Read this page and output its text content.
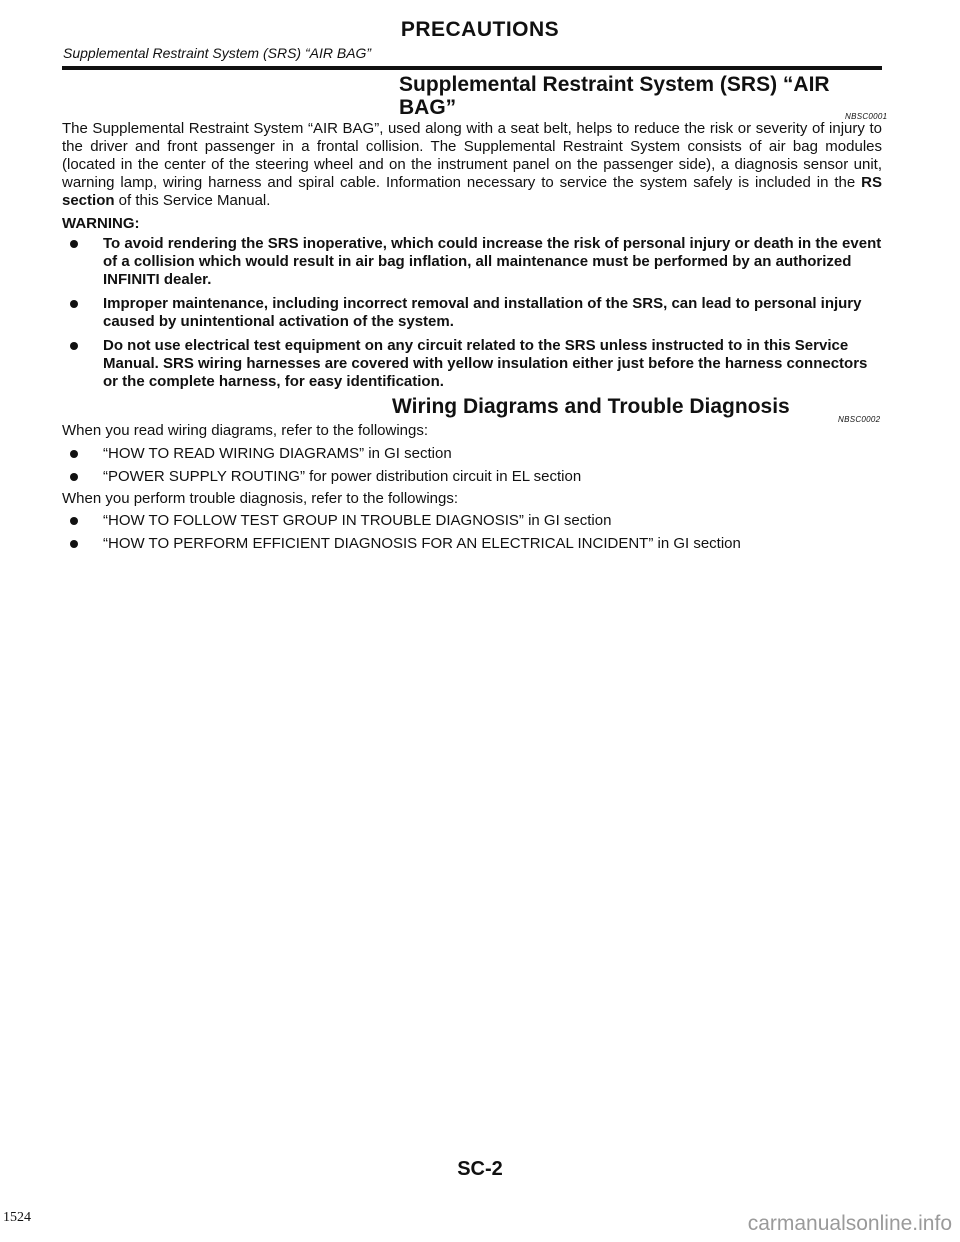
PRECAUTIONS
Supplemental Restraint System (SRS) “AIR BAG”
Supplemental Restraint System (SRS) “AIR
BAG”	NBSC0001
The Supplemental Restraint System “AIR BAG”, used along with a seat belt, helps to reduce the risk or severity of injury to the driver and front passenger in a frontal collision. The Supplemental Restraint System consists of air bag modules (located in the center of the steering wheel and on the instrument panel on the passenger side), a diagnosis sensor unit, warning lamp, wiring harness and spiral cable. Information necessary to service the system safely is included in the RS section of this Service Manual.
WARNING:
To avoid rendering the SRS inoperative, which could increase the risk of personal injury or death in the event of a collision which would result in air bag inflation, all maintenance must be performed by an authorized INFINITI dealer.
Improper maintenance, including incorrect removal and installation of the SRS, can lead to personal injury caused by unintentional activation of the system.
Do not use electrical test equipment on any circuit related to the SRS unless instructed to in this Service Manual. SRS wiring harnesses are covered with yellow insulation either just before the harness connectors or the complete harness, for easy identification.
Wiring Diagrams and Trouble Diagnosis
NBSC0002
When you read wiring diagrams, refer to the followings:
“HOW TO READ WIRING DIAGRAMS” in GI section
“POWER SUPPLY ROUTING” for power distribution circuit in EL section
When you perform trouble diagnosis, refer to the followings:
“HOW TO FOLLOW TEST GROUP IN TROUBLE DIAGNOSIS” in GI section
“HOW TO PERFORM EFFICIENT DIAGNOSIS FOR AN ELECTRICAL INCIDENT” in GI section
SC-2
1524	carmanualsonline.info
